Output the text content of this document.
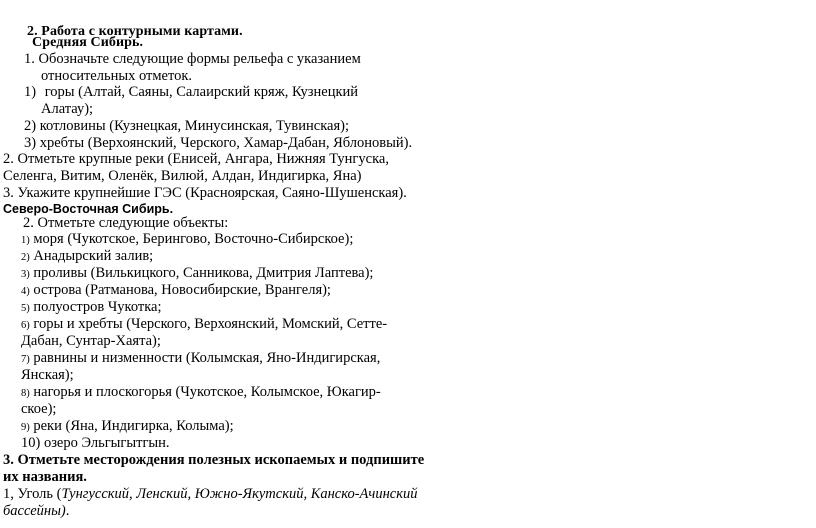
2. Работа с контурными картами.
Средняя Сибирь.
1. Обозначьте следующие формы рельефа с указанием
относительных отметок.
1) горы (Алтай, Саяны, Салаирский кряж, Кузнецкий
Алатау);
2) котловины (Кузнецкая, Минусинская, Тувинская);
3) хребты (Верхоянский, Черского, Хамар-Дабан, Яблоновый).
2. Отметьте крупные реки (Енисей, Ангара, Нижняя Тунгуска,
Селенга, Витим, Оленёк, Вилюй, Алдан, Индигирка, Яна)
3. Укажите крупнейшие ГЭС (Красноярская, Саяно-Шушенская).
Северо-Восточная Сибирь.
2. Отметьте следующие объекты:
1) моря (Чукотское, Берингово, Восточно-Сибирское);
2) Анадырский залив;
3) проливы (Вилькицкого, Санникова, Дмитрия Лаптева);
4) острова (Ратманова, Новосибирские, Врангеля);
5) полуостров Чукотка;
6) горы и хребты (Черского, Верхоянский, Момский, Сетте-
Дабан, Сунтар-Хаята);
7) равнины и низменности (Колымская, Яно-Индигирская,
Янская);
8) нагорья и плоскогорья (Чукотское, Колымское, Юкагир-
ское);
9) реки (Яна, Индигирка, Колыма);
10) озеро Эльгыгытгын.
3. Отметьте месторождения полезных ископаемых и подпишите
их названия.
1, Уголь (Тунгусский, Ленский, Южно-Якутский, Канско-Ачинский
бассейны).
